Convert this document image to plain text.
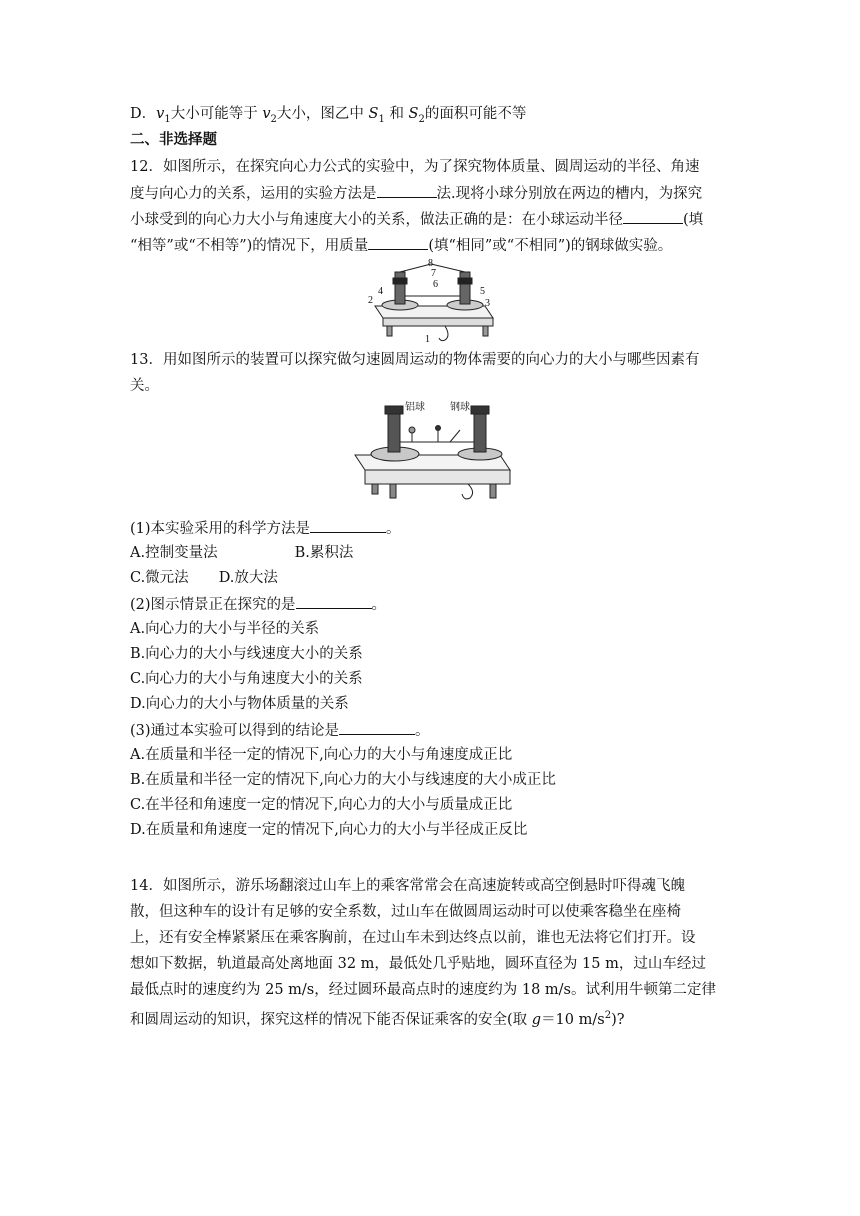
D．$v_1$大小可能等于 $v_2$大小，图乙中 $S_1$ 和 $S_2$的面积可能不等
二、非选择题
12．如图所示，在探究向心力公式的实验中，为了探究物体质量、圆周运动的半径、角速
度与向心力的关系，运用的实验方法是	法.现将小球分别放在两边的槽内，为探究
小球受到的向心力大小与角速度大小的关系，做法正确的是：在小球运动半径	(填
“相等”或“不相等”)的情况下，用质量	(填“相同”或“不相同”)的钢球做实验。
8
7
6
4	5
2	3
1
13．用如图所示的装置可以探究做匀速圆周运动的物体需要的向心力的大小与哪些因素有
关。
铝球	钢球
(1)本实验采用的科学方法是	。
A.控制变量法	B.累积法
C.微元法 D.放大法
(2)图示情景正在探究的是	。
A.向心力的大小与半径的关系
B.向心力的大小与线速度大小的关系
C.向心力的大小与角速度大小的关系
D.向心力的大小与物体质量的关系
(3)通过本实验可以得到的结论是	。
A.在质量和半径一定的情况下,向心力的大小与角速度成正比
B.在质量和半径一定的情况下,向心力的大小与线速度的大小成正比
C.在半径和角速度一定的情况下,向心力的大小与质量成正比
D.在质量和角速度一定的情况下,向心力的大小与半径成正反比
14．如图所示，游乐场翻滚过山车上的乘客常常会在高速旋转或高空倒悬时吓得魂飞魄
散，但这种车的设计有足够的安全系数，过山车在做圆周运动时可以使乘客稳坐在座椅
上，还有安全棒紧紧压在乘客胸前，在过山车未到达终点以前，谁也无法将它们打开。设
想如下数据，轨道最高处离地面 32 m，最低处几乎贴地，圆环直径为 15 m，过山车经过
最低点时的速度约为 25 m/s，经过圆环最高点时的速度约为 18 m/s。试利用牛顿第二定律
和圆周运动的知识，探究这样的情况下能否保证乘客的安全(取 g＝10 $m/s^2$)?
